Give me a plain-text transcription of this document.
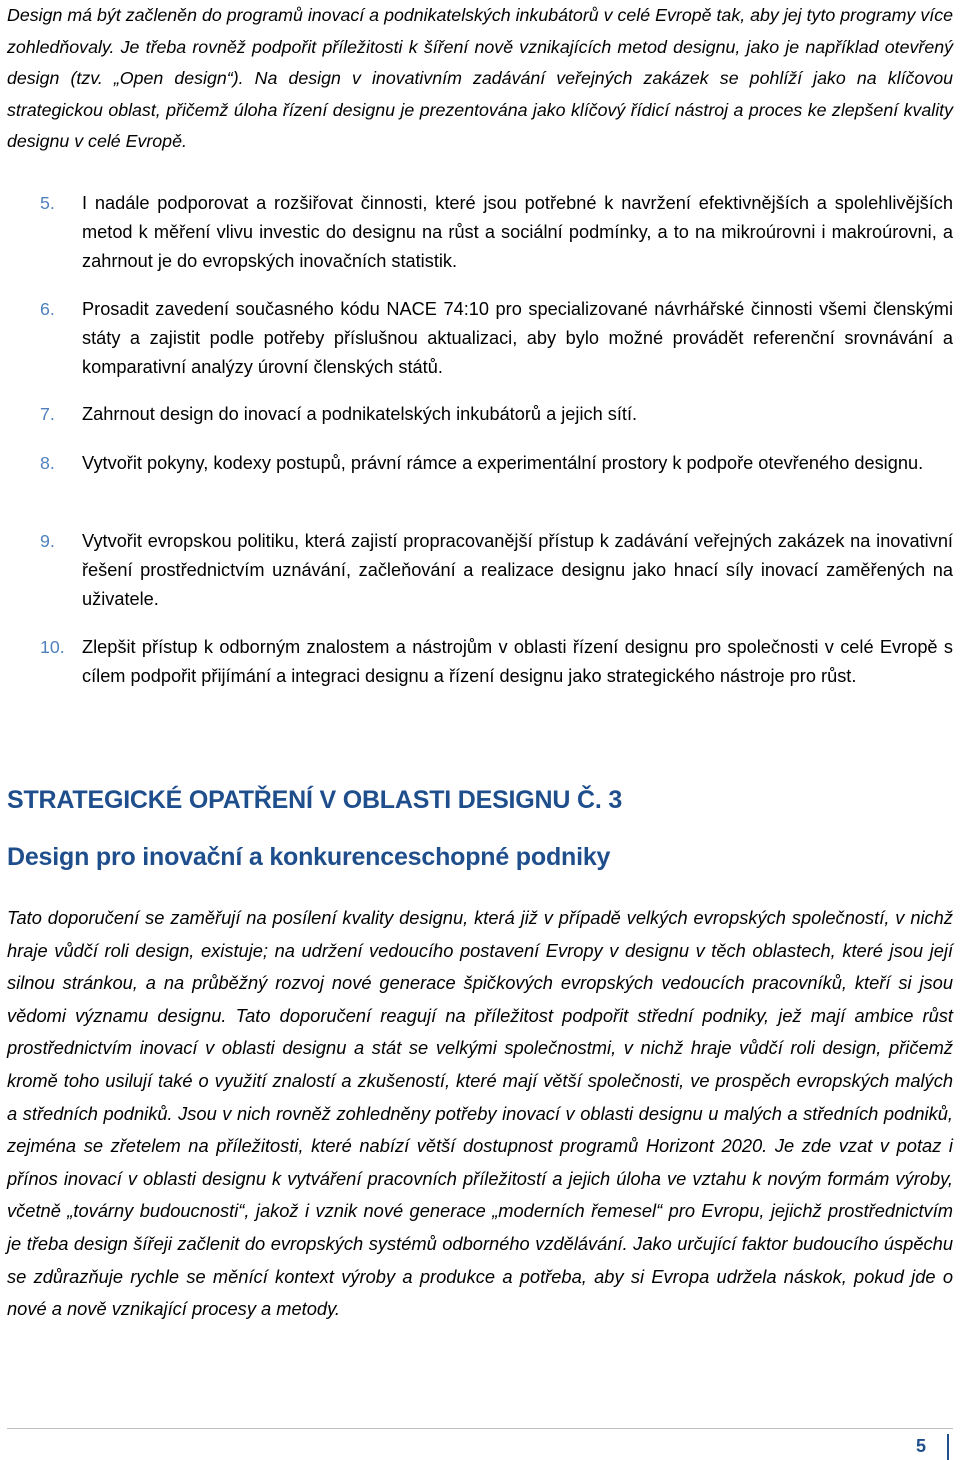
Design má být začleněn do programů inovací a podnikatelských inkubátorů v celé Evropě tak, aby jej tyto programy více zohledňovaly. Je třeba rovněž podpořit příležitosti k šíření nově vznikajících metod designu, jako je například otevřený design (tzv. „Open design“). Na design v inovativním zadávání veřejných zakázek se pohlíží jako na klíčovou strategickou oblast, přičemž úloha řízení designu je prezentována jako klíčový řídicí nástroj a proces ke zlepšení kvality designu v celé Evropě.

5. I nadále podporovat a rozšiřovat činnosti, které jsou potřebné k navržení efektivnějších a spolehlivějších metod k měření vlivu investic do designu na růst a sociální podmínky, a to na mikroúrovni i makroúrovni, a zahrnout je do evropských inovačních statistik.

6. Prosadit zavedení současného kódu NACE 74:10 pro specializované návrhářské činnosti všemi členskými státy a zajistit podle potřeby příslušnou aktualizaci, aby bylo možné provádět referenční srovnávání a komparativní analýzy úrovní členských států.

7. Zahrnout design do inovací a podnikatelských inkubátorů a jejich sítí.

8. Vytvořit pokyny, kodexy postupů, právní rámce a experimentální prostory k podpoře otevřeného designu.

9. Vytvořit evropskou politiku, která zajistí propracovanější přístup k zadávání veřejných zakázek na inovativní řešení prostřednictvím uznávání, začleňování a realizace designu jako hnací síly inovací zaměřených na uživatele.

10. Zlepšit přístup k odborným znalostem a nástrojům v oblasti řízení designu pro společnosti v celé Evropě s cílem podpořit přijímání a integraci designu a řízení designu jako strategického nástroje pro růst.

STRATEGICKÉ OPATŘENÍ V OBLASTI DESIGNU Č. 3
Design pro inovační a konkurenceschopné podniky

Tato doporučení se zaměřují na posílení kvality designu, která již v případě velkých evropských společností, v nichž hraje vůdčí roli design, existuje; na udržení vedoucího postavení Evropy v designu v těch oblastech, které jsou její silnou stránkou, a na průběžný rozvoj nové generace špičkových evropských vedoucích pracovníků, kteří si jsou vědomi významu designu. Tato doporučení reagují na příležitost podpořit střední podniky, jež mají ambice růst prostřednictvím inovací v oblasti designu a stát se velkými společnostmi, v nichž hraje vůdčí roli design, přičemž kromě toho usilují také o využití znalostí a zkušeností, které mají větší společnosti, ve prospěch evropských malých a středních podniků. Jsou v nich rovněž zohledněny potřeby inovací v oblasti designu u malých a středních podniků, zejména se zřetelem na příležitosti, které nabízí větší dostupnost programů Horizont 2020. Je zde vzat v potaz i přínos inovací v oblasti designu k vytváření pracovních příležitostí a jejich úloha ve vztahu k novým formám výroby, včetně „továrny budoucnosti“, jakož i vznik nové generace „moderních řemesel“ pro Evropu, jejichž prostřednictvím je třeba design šířeji začlenit do evropských systémů odborného vzdělávání. Jako určující faktor budoucího úspěchu se zdůrazňuje rychle se měnící kontext výroby a produkce a potřeba, aby si Evropa udržela náskok, pokud jde o nové a nově vznikající procesy a metody.

5
